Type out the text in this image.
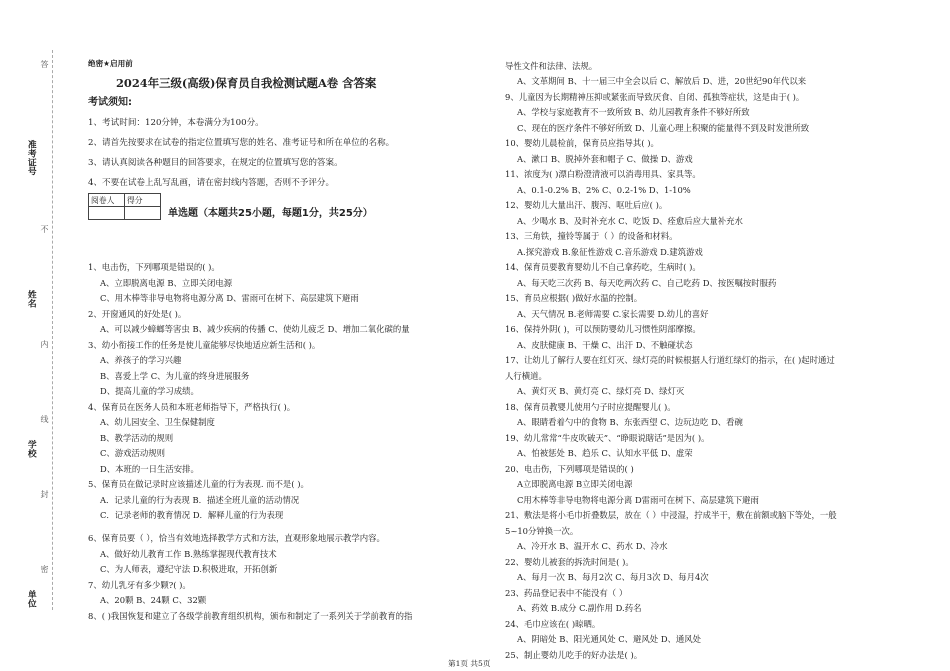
答
不
内
线
封
密
准考证号
姓名
学校
单位
绝密★启用前
2024年三级(高级)保育员自我检测试题A卷 含答案
考试须知:
1、考试时间：120分钟，本卷满分为100分。
2、请首先按要求在试卷的指定位置填写您的姓名、准考证号和所在单位的名称。
3、请认真阅读各种题目的回答要求，在规定的位置填写您的答案。
4、不要在试卷上乱写乱画，请在密封线内答题，否则不予评分。
阅卷人	得分

单选题（本题共25小题，每题1分，共25分）
1、电击伤，下列哪项是错误的( )。
A、立即脱离电源 B、立即关闭电源
C、用木棒等非导电物将电源分离 D、雷雨可在树下、高层建筑下避雨
2、开窗通风的好处是( )。
A、可以减少蟑螂等害虫 B、减少疾病的传播 C、使幼儿疲乏 D、增加二氧化碳的量
3、幼小衔接工作的任务是使儿童能够尽快地适应新生活和( )。
A、养孩子的学习兴趣
B、喜爱上学 C、为儿童的终身进展服务
D、提高儿童的学习成绩。
4、保育员在医务人员和本班老师指导下，严格执行( )。
A、幼儿园安全、卫生保健制度
B、教学活动的规则
C、游戏活动规则
D、本班的一日生活安排。
5、保育员在做记录时应该描述儿童的行为表现. 而不是( )。
A．记录儿童的行为表现 B．描述全班儿童的活动情况
C．记录老师的教育情况 D．解释儿童的行为表现
6、保育员要（ ），恰当有效地选择教学方式和方法，直观形象地展示教学内容。
A、做好幼儿教育工作 B.熟练掌握现代教育技术
C、为人师表，遵纪守法 D.积极进取，开拓创新
7、幼儿乳牙有多少颗?( )。
A、20颗 B、24颗 C、32颗
8、( )我国恢复和建立了各级学前教育组织机构，颁布和制定了一系列关于学前教育的指
导性文件和法律、法规。
A、文革期间 B、十一届三中全会以后 C、解放后 D、进，20世纪90年代以来
9、儿童因为长期精神压抑或紧张而导致厌食、自闭、孤独等症状，这是由于( )。
A、学校与家庭教育不一致所致 B、幼儿园教育条件不够好所致
C、现在的医疗条件不够好所致 D、儿童心理上积聚的能量得不到及时发泄所致
10、婴幼儿晨检前，保育员应指导其( )。
A、漱口 B、脱掉外套和帽子 C、做操 D、游戏
11、浓度为( )漂白粉澄清液可以消毒用具、家具等。
A、0.1-0.2% B、2% C、0.2-1% D、1-10%
12、婴幼儿大量出汗、腹泻、呕吐后应( )。
A、少喝水 B、及时补充水 C、吃饭 D、痊愈后应大量补充水
13、三角铁，撞铃等属于（ ）的设备和材料。
A.探究游戏 B.象征性游戏 C.音乐游戏 D.建筑游戏
14、保育员要教育婴幼儿不自己拿药吃，生病时( )。
A、每天吃三次药 B、每天吃两次药 C、自己吃药 D、按医嘱按时服药
15、育员应根据( )做好水温的控制。
A、天气情况 B.老师需要 C.家长需要 D.幼儿的喜好
16、保持外阴( )，可以预防婴幼儿习惯性阴部摩擦。
A、皮肤健康 B、干燥 C、出汗 D、不触碰状态
17、让幼儿了解行人要在红灯灭、绿灯亮的时候根据人行道红绿灯的指示，在( )起时通过
人行横道。
A、黄灯灭 B、黄灯亮 C、绿灯亮 D、绿灯灭
18、保育员教婴儿使用勺子时应提醒婴儿( )。
A、眼睛看着勺中的食物 B、东张西望 C、边玩边吃 D、看碗
19、幼儿常常“牛皮吹破天”、“睁眼说瞎话”是因为( )。
A、怕被惩处 B、趋乐 C、认知水平低 D、虚荣
20、电击伤，下列哪项是错误的( )
A立即脱离电源 B立即关闭电源
C用木棒等非导电物将电源分离 D雷雨可在树下、高层建筑下避雨
21、敷法是将小毛巾折叠数层，放在（ ）中浸湿，拧成半干，敷在前额或脑下等处，一般
5~10分钟换一次。
A、冷开水 B、温开水 C、药水 D、冷水
22、婴幼儿被套的拆洗时间是( )。
A、每月一次 B、每月2次 C、每月3次 D、每月4次
23、药品登记表中不能没有（ ）
A、药效 B.成分 C.副作用 D.药名
24、毛巾应该在( )晾晒。
A、阴暗处 B、阳光通风处 C、避风处 D、通风处
25、制止婴幼儿吃手的好办法是( )。
第1页 共5页
